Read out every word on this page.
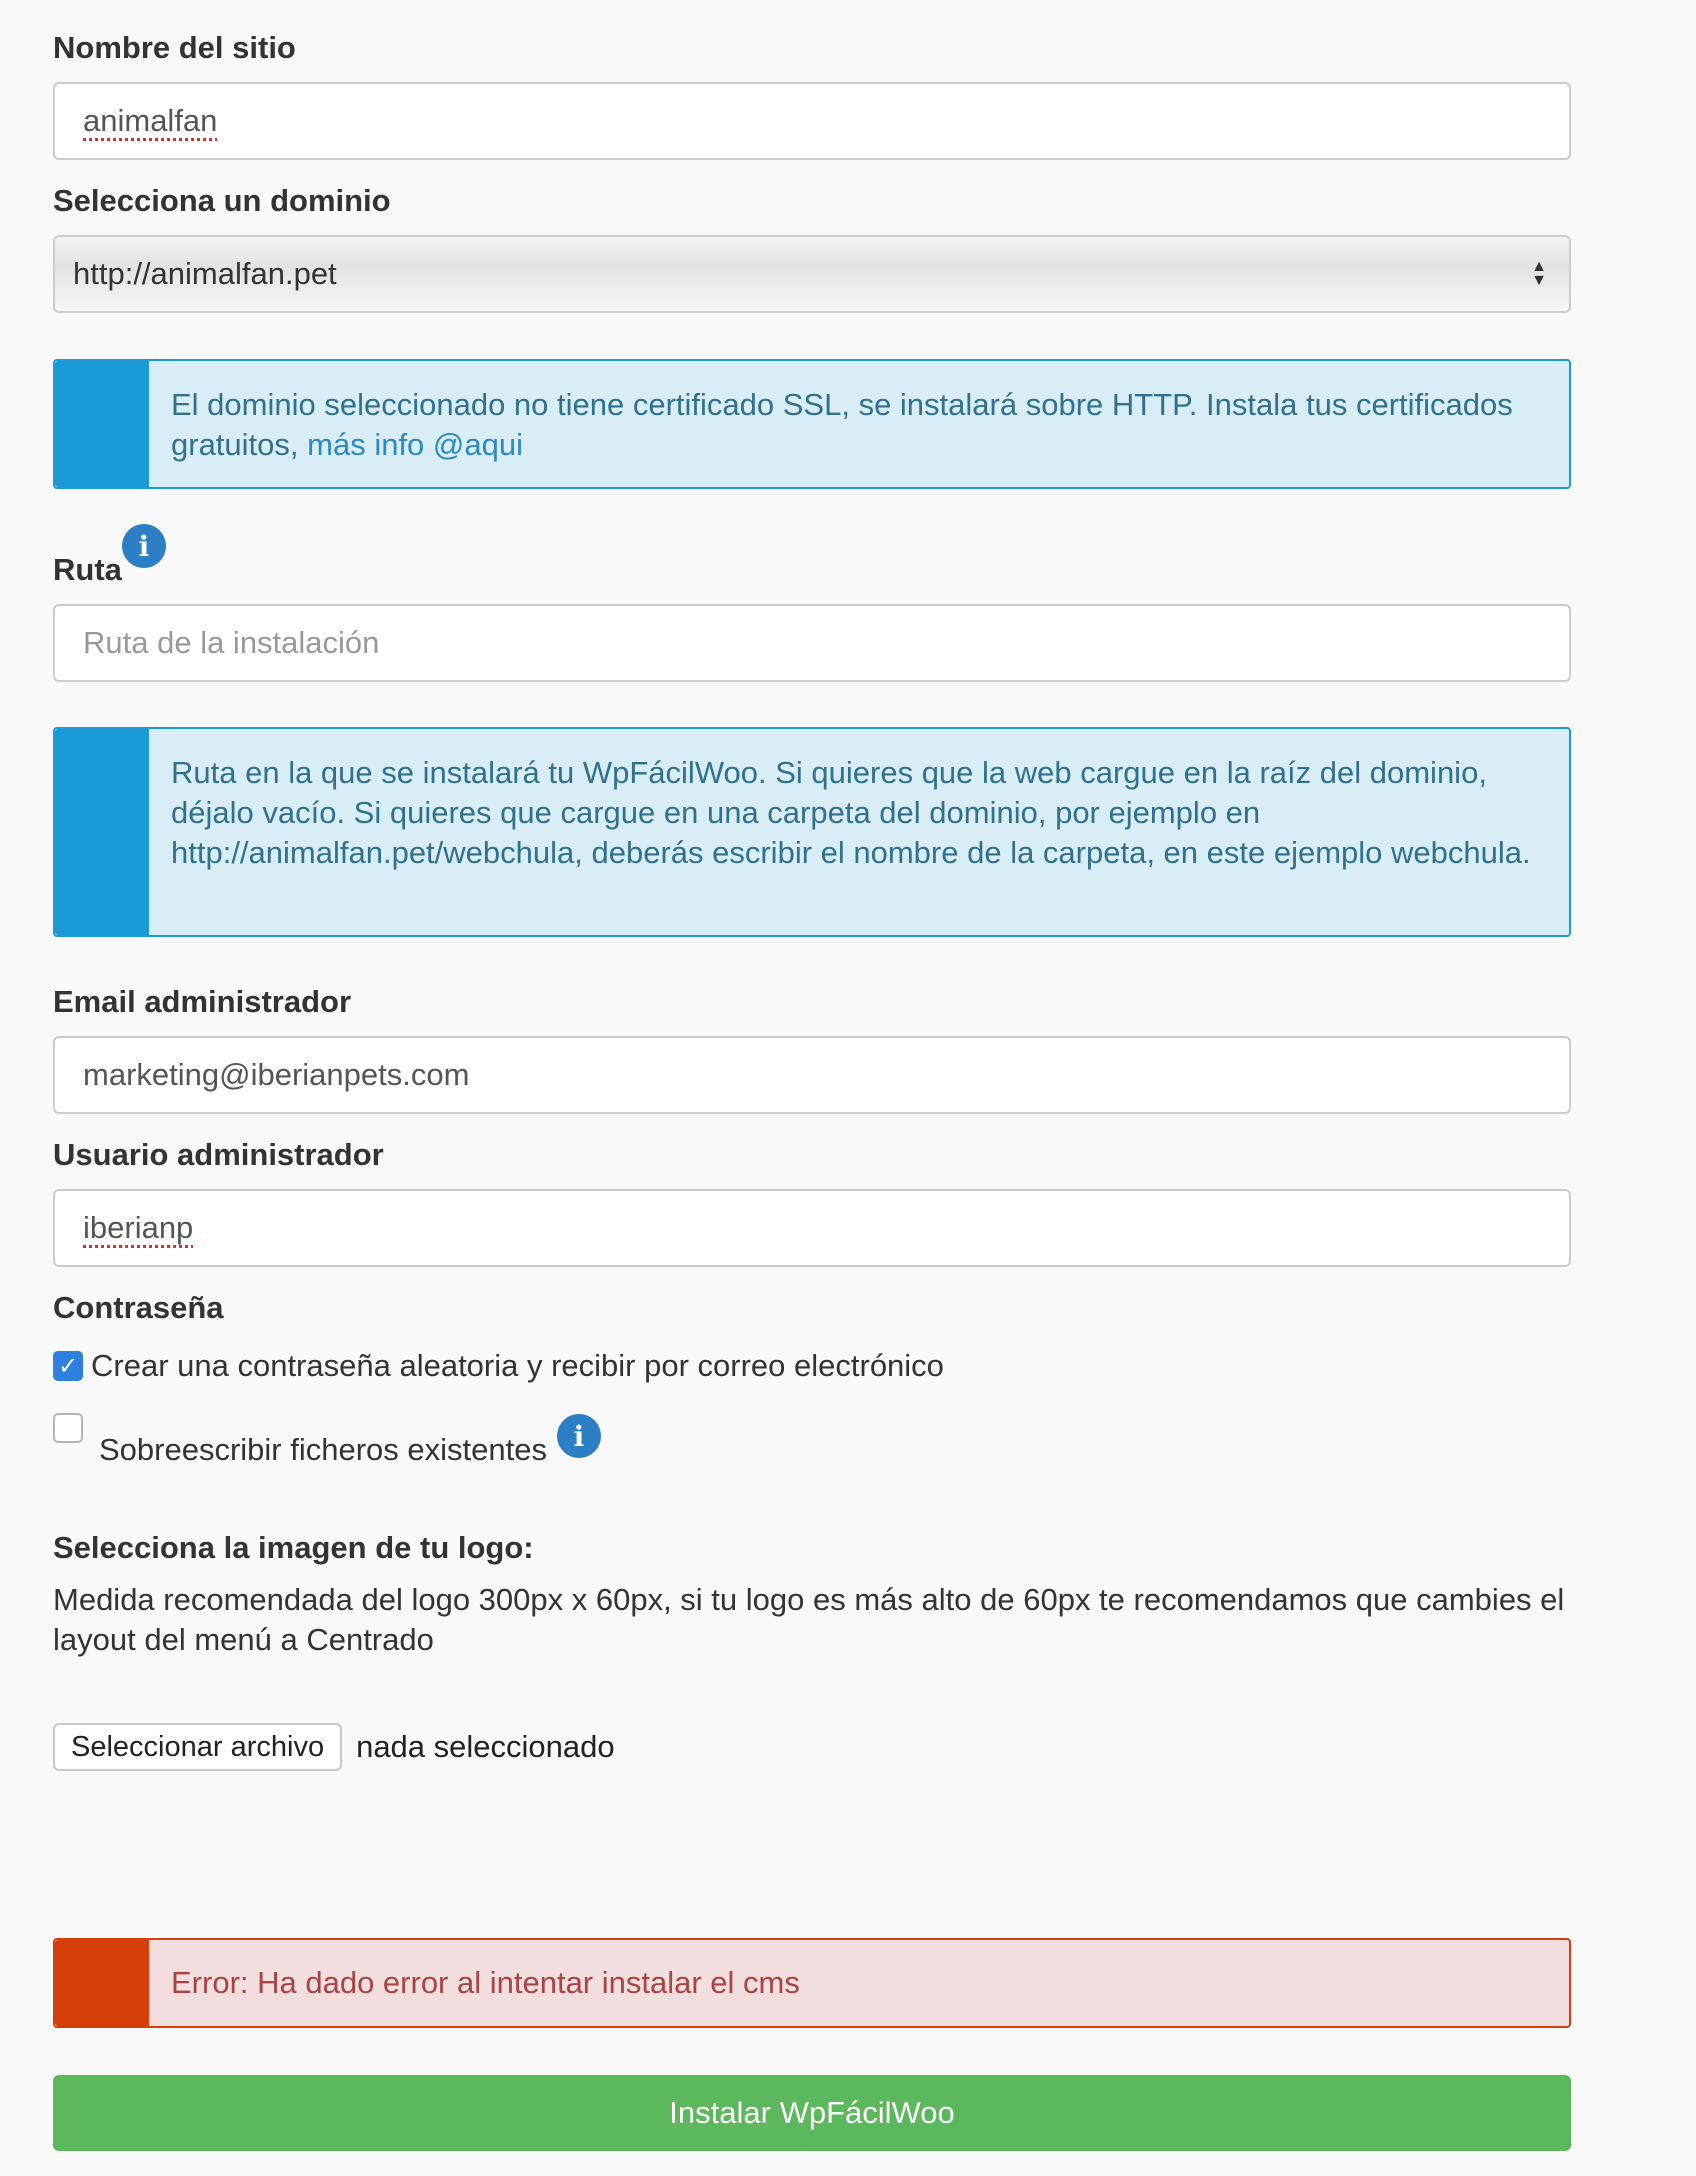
Nombre del sitio
animalfan
Selecciona un dominio
http://animalfan.pet	▲
▼
El dominio seleccionado no tiene certificado SSL, se instalará sobre HTTP. Instala tus certificados gratuitos, más info @aqui
Ruta
i
Ruta de la instalación
Ruta en la que se instalará tu WpFácilWoo. Si quieres que la web cargue en la raíz del dominio, déjalo vacío. Si quieres que cargue en una carpeta del dominio, por ejemplo en http://animalfan.pet/webchula, deberás escribir el nombre de la carpeta, en este ejemplo webchula.
Email administrador
marketing@iberianpets.com
Usuario administrador
iberianp
Contraseña
✓ Crear una contraseña aleatoria y recibir por correo electrónico
Sobreescribir ficheros existentes i
Selecciona la imagen de tu logo:
Medida recomendada del logo 300px x 60px, si tu logo es más alto de 60px te recomendamos que cambies el layout del menú a Centrado
Seleccionar archivo	nada seleccionado
Error: Ha dado error al intentar instalar el cms
Instalar WpFácilWoo
